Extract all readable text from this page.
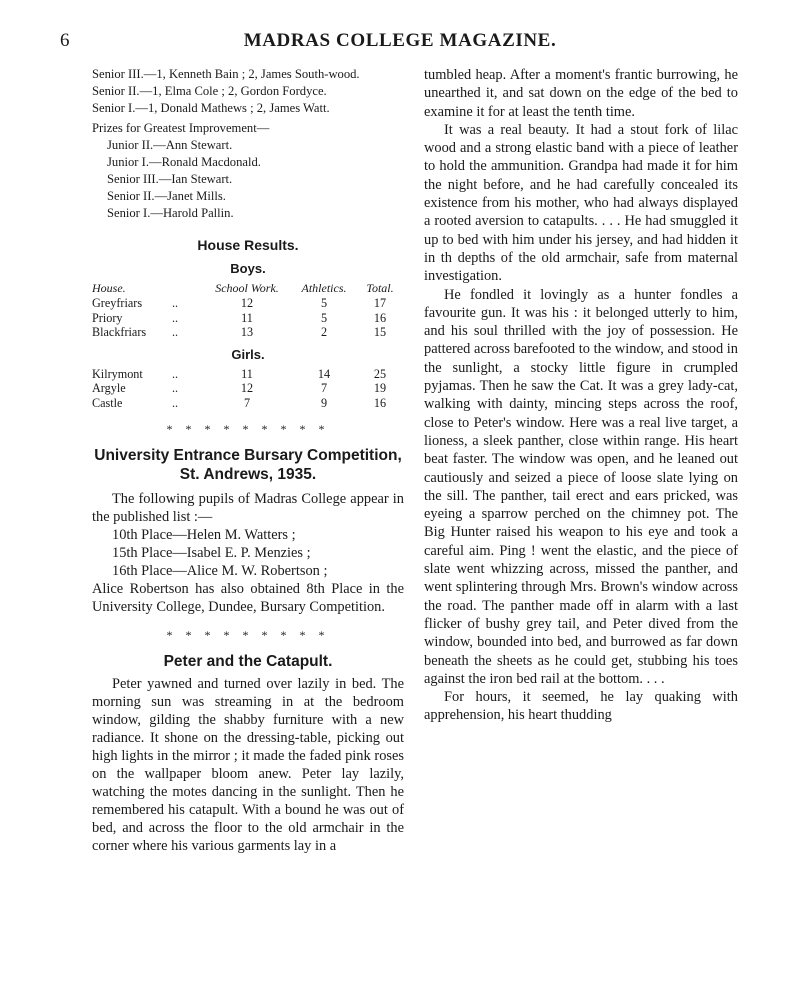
6	MADRAS COLLEGE MAGAZINE.

Senior III.—1, Kenneth Bain ; 2, James South-wood.

Senior II.—1, Elma Cole ; 2, Gordon Fordyce.

Senior I.—1, Donald Mathews ; 2, James Watt.

Prizes for Greatest Improvement—

Junior II.—Ann Stewart.

Junior I.—Ronald Macdonald.

Senior III.—Ian Stewart.

Senior II.—Janet Mills.

Senior I.—Harold Pallin.

House Results.

Boys.

House.		School Work.	Athletics.	Total.
Greyfriars	..	12	5	17
Priory	..	11	5	16
Blackfriars	..	13	2	15

Girls.

Kilrymont	..	11	14	25
Argyle	..	12	7	19
Castle	..	7	9	16

* * * * * * * * *

University Entrance Bursary Competition, St. Andrews, 1935.

The following pupils of Madras College appear in the published list :—

10th Place—Helen M. Watters ;

15th Place—Isabel E. P. Menzies ;

16th Place—Alice M. W. Robertson ;

Alice Robertson has also obtained 8th Place in the University College, Dundee, Bursary Competition.

* * * * * * * * *

Peter and the Catapult.

Peter yawned and turned over lazily in bed. The morning sun was streaming in at the bedroom window, gilding the shabby furniture with a new radiance. It shone on the dressing-table, picking out high lights in the mirror ; it made the faded pink roses on the wallpaper bloom anew. Peter lay lazily, watching the motes dancing in the sunlight. Then he remembered his catapult. With a bound he was out of bed, and across the floor to the old armchair in the corner where his various garments lay in a

tumbled heap. After a moment's frantic burrowing, he unearthed it, and sat down on the edge of the bed to examine it for at least the tenth time.

It was a real beauty. It had a stout fork of lilac wood and a strong elastic band with a piece of leather to hold the ammunition. Grandpa had made it for him the night before, and he had carefully concealed its existence from his mother, who had always displayed a rooted aversion to catapults. . . . He had smuggled it up to bed with him under his jersey, and had hidden it in th depths of the old armchair, safe from maternal investigation.

He fondled it lovingly as a hunter fondles a favourite gun. It was his : it belonged utterly to him, and his soul thrilled with the joy of possession. He pattered across barefooted to the window, and stood in the sunlight, a stocky little figure in crumpled pyjamas. Then he saw the Cat. It was a grey lady-cat, walking with dainty, mincing steps across the roof, close to Peter's window. Here was a real live target, a lioness, a sleek panther, close within range. His heart beat faster. The window was open, and he leaned out cautiously and seized a piece of loose slate lying on the sill. The panther, tail erect and ears pricked, was eyeing a sparrow perched on the chimney pot. The Big Hunter raised his weapon to his eye and took a careful aim. Ping ! went the elastic, and the piece of slate went whizzing across, missed the panther, and went splintering through Mrs. Brown's window across the road. The panther made off in alarm with a last flicker of bushy grey tail, and Peter dived from the window, bounded into bed, and burrowed as far down beneath the sheets as he could get, stubbing his toes against the iron bed rail at the bottom. . . .

For hours, it seemed, he lay quaking with apprehension, his heart thudding
